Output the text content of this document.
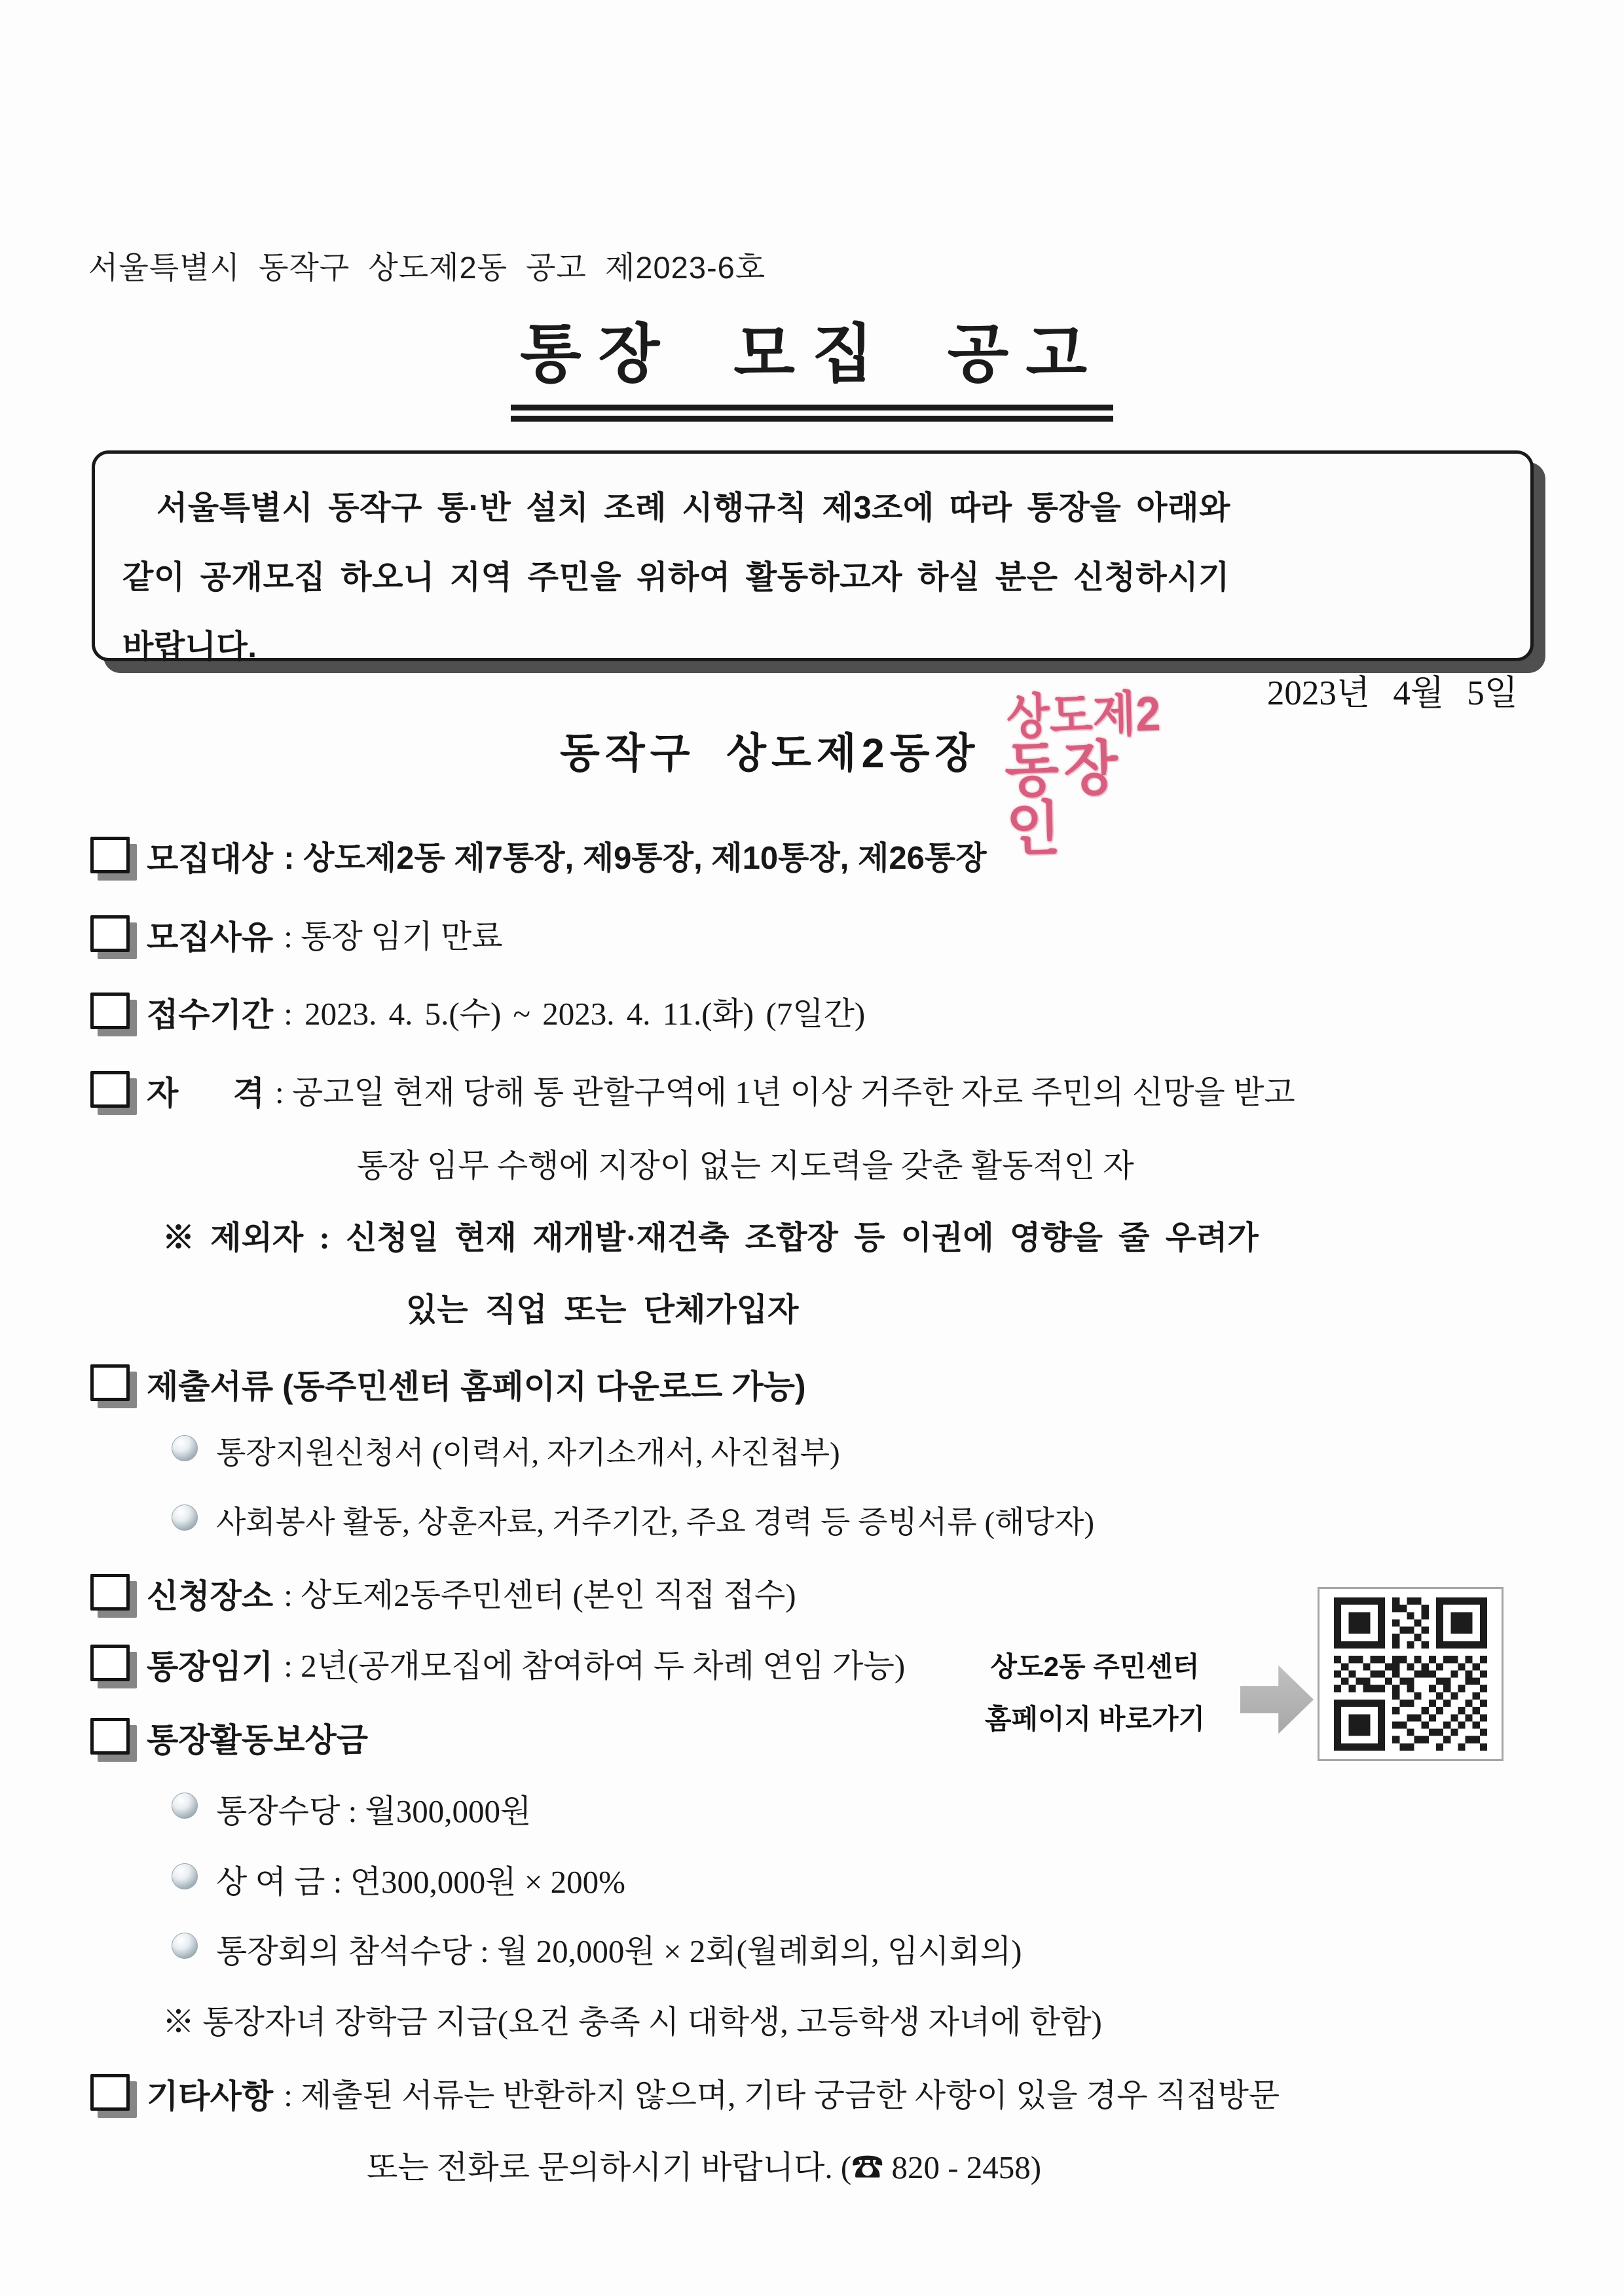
서울특별시 동작구 상도제2동 공고 제2023-6호
통장 모집 공고
서울특별시 동작구 통·반 설치 조례 시행규칙 제3조에 따라 통장을 아래와
같이 공개모집 하오니 지역 주민을 위하여 활동하고자 하실 분은 신청하시기
바랍니다.
2023년 4월 5일
동작구 상도제2동장
상도제2
동장인
모집대상 : 상도제2동 제7통장, 제9통장, 제10통장, 제26통장
모집사유 : 통장 임기 만료
접수기간 : 2023. 4. 5.(수) ~ 2023. 4. 11.(화) (7일간)
자      격 : 공고일 현재 당해 통 관할구역에 1년 이상 거주한 자로 주민의 신망을 받고
통장 임무 수행에 지장이 없는 지도력을 갖춘 활동적인 자
※ 제외자 : 신청일 현재 재개발·재건축 조합장 등 이권에 영향을 줄 우려가
있는 직업 또는 단체가입자
제출서류 (동주민센터 홈페이지 다운로드 가능)
통장지원신청서 (이력서, 자기소개서, 사진첩부)
사회봉사 활동, 상훈자료, 거주기간, 주요 경력 등 증빙서류 (해당자)
신청장소 : 상도제2동주민센터 (본인 직접 접수)
통장임기 : 2년(공개모집에 참여하여 두 차례 연임 가능)
통장활동보상금
통장수당 : 월300,000원
상 여 금 : 연300,000원 × 200%
통장회의 참석수당 : 월 20,000원 × 2회(월례회의, 임시회의)
※ 통장자녀 장학금 지급(요건 충족 시 대학생, 고등학생 자녀에 한함)
기타사항 : 제출된 서류는 반환하지 않으며, 기타 궁금한 사항이 있을 경우 직접방문
또는 전화로 문의하시기 바랍니다. (☎ 820 - 2458)
상도2동 주민센터
홈페이지 바로가기
